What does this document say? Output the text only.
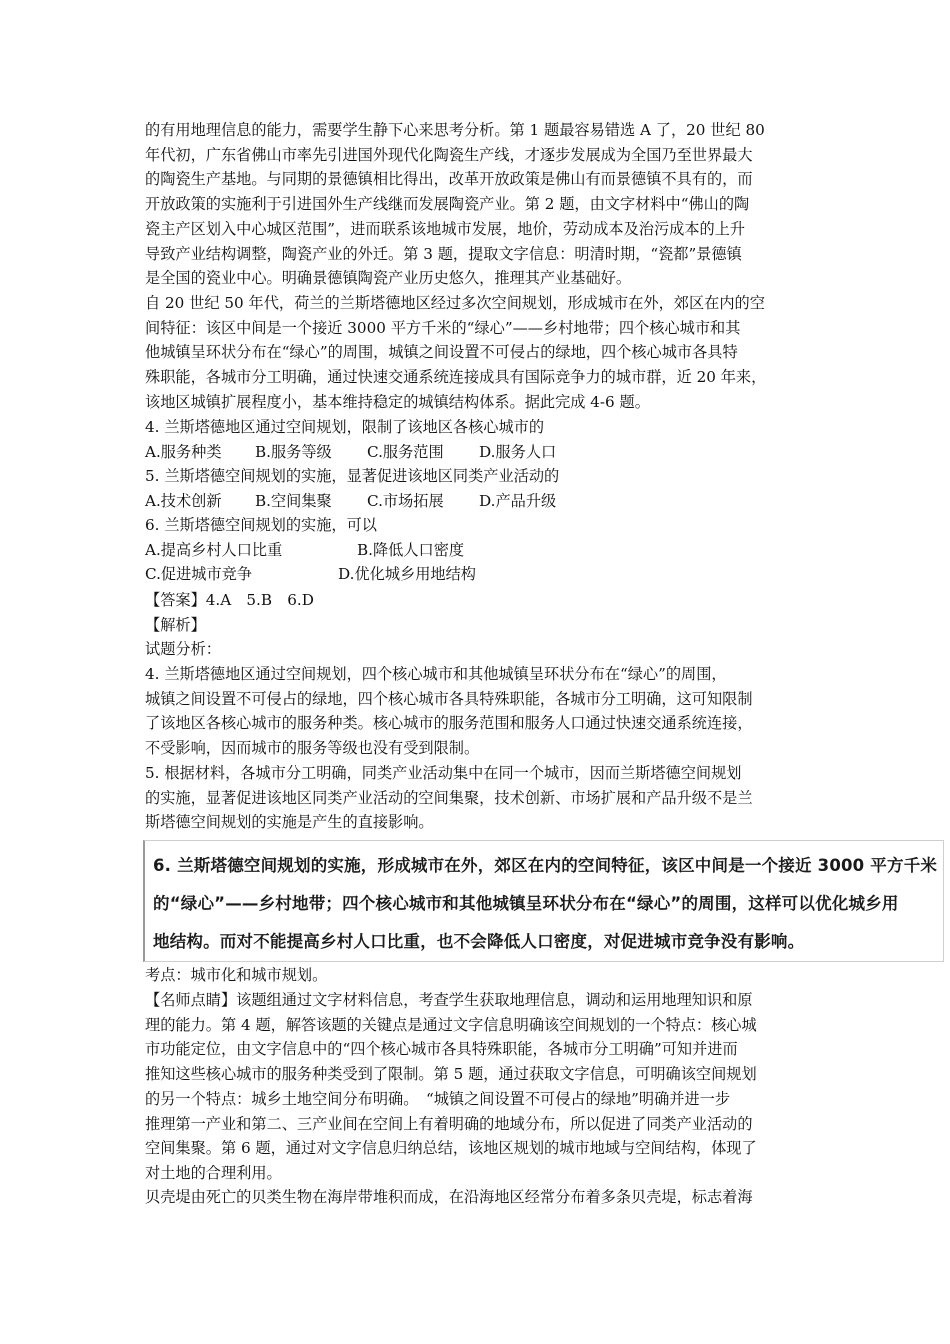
的有用地理信息的能力，需要学生静下心来思考分析。第 1 题最容易错选 A 了，20 世纪 80
年代初，广东省佛山市率先引进国外现代化陶瓷生产线，才逐步发展成为全国乃至世界最大
的陶瓷生产基地。与同期的景德镇相比得出，改革开放政策是佛山有而景德镇不具有的，而
开放政策的实施利于引进国外生产线继而发展陶瓷产业。第 2 题，由文字材料中“佛山的陶
瓷主产区划入中心城区范围”，进而联系该地城市发展，地价，劳动成本及治污成本的上升
导致产业结构调整，陶瓷产业的外迁。第 3 题，提取文字信息：明清时期，“瓷都”景德镇
是全国的瓷业中心。明确景德镇陶瓷产业历史悠久，推理其产业基础好。
自 20 世纪 50 年代，荷兰的兰斯塔德地区经过多次空间规划，形成城市在外，郊区在内的空
间特征：该区中间是一个接近 3000 平方千米的“绿心”——乡村地带；四个核心城市和其
他城镇呈环状分布在“绿心”的周围，城镇之间设置不可侵占的绿地，四个核心城市各具特
殊职能，各城市分工明确，通过快速交通系统连接成具有国际竞争力的城市群，近 20 年来，
该地区城镇扩展程度小，基本维持稳定的城镇结构体系。据此完成 4-6 题。
4. 兰斯塔德地区通过空间规划，限制了该地区各核心城市的
A.服务种类	B.服务等级	C.服务范围	D.服务人口
5. 兰斯塔德空间规划的实施，显著促进该地区同类产业活动的
A.技术创新	B.空间集聚	C.市场拓展	D.产品升级
6. 兰斯塔德空间规划的实施，可以
A.提高乡村人口比重	B.降低人口密度
C.促进城市竞争	D.优化城乡用地结构
【答案】4.A　5.B　6.D
【解析】
试题分析：
4. 兰斯塔德地区通过空间规划，四个核心城市和其他城镇呈环状分布在“绿心”的周围，
城镇之间设置不可侵占的绿地，四个核心城市各具特殊职能，各城市分工明确，这可知限制
了该地区各核心城市的服务种类。核心城市的服务范围和服务人口通过快速交通系统连接，
不受影响，因而城市的服务等级也没有受到限制。
5. 根据材料，各城市分工明确，同类产业活动集中在同一个城市，因而兰斯塔德空间规划
的实施，显著促进该地区同类产业活动的空间集聚，技术创新、市场扩展和产品升级不是兰
斯塔德空间规划的实施是产生的直接影响。
6. 兰斯塔德空间规划的实施，形成城市在外，郊区在内的空间特征，该区中间是一个接近 3000 平方千米
的“绿心”——乡村地带；四个核心城市和其他城镇呈环状分布在“绿心”的周围，这样可以优化城乡用
地结构。而对不能提高乡村人口比重，也不会降低人口密度，对促进城市竞争没有影响。
考点：城市化和城市规划。
【名师点睛】该题组通过文字材料信息，考查学生获取地理信息，调动和运用地理知识和原
理的能力。第 4 题，解答该题的关键点是通过文字信息明确该空间规划的一个特点：核心城
市功能定位，由文字信息中的“四个核心城市各具特殊职能，各城市分工明确”可知并进而
推知这些核心城市的服务种类受到了限制。第 5 题，通过获取文字信息，可明确该空间规划
的另一个特点：城乡土地空间分布明确。　“城镇之间设置不可侵占的绿地”明确并进一步
推理第一产业和第二、三产业间在空间上有着明确的地域分布，所以促进了同类产业活动的
空间集聚。第 6 题，通过对文字信息归纳总结，该地区规划的城市地域与空间结构，体现了
对土地的合理利用。
贝壳堤由死亡的贝类生物在海岸带堆积而成，在沿海地区经常分布着多条贝壳堤，标志着海
